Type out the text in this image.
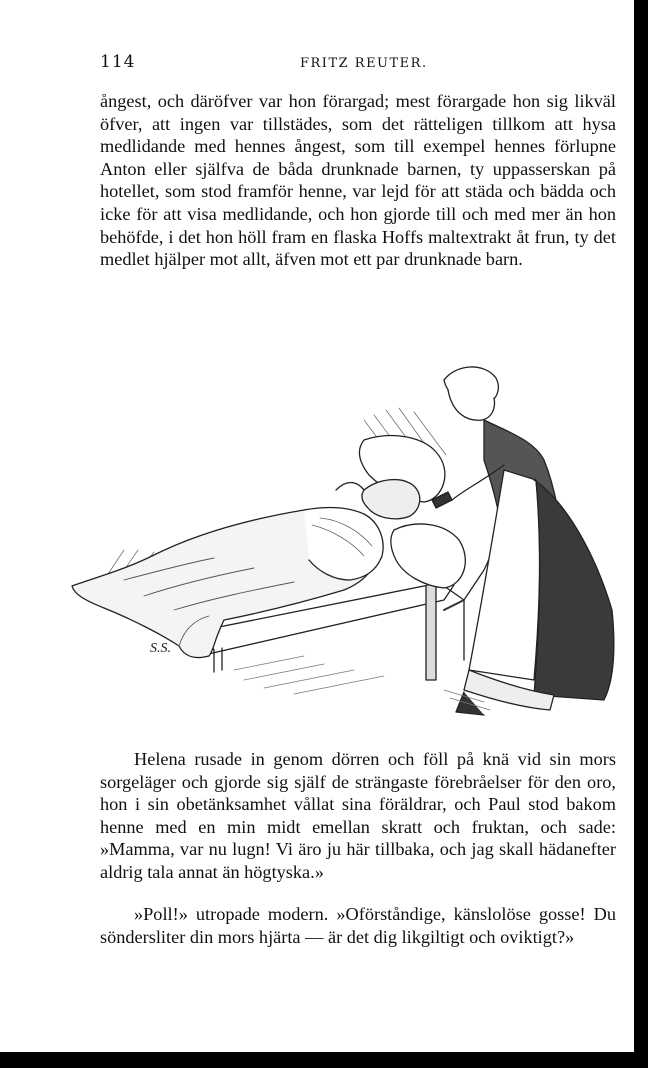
114	FRITZ REUTER.

ångest, och däröfver var hon förargad; mest förargade hon sig likväl öfver, att ingen var tillstädes, som det rätteligen tillkom att hysa medlidande med hennes ångest, som till exempel hennes förlupne Anton eller själfva de båda drunknade barnen, ty uppasserskan på hotellet, som stod framför henne, var lejd för att städa och bädda och icke för att visa medlidande, och hon gjorde till och med mer än hon behöfde, i det hon höll fram en flaska Hoffs maltextrakt åt frun, ty det medlet hjälper mot allt, äfven mot ett par drunknade barn.

S.S.

Helena rusade in genom dörren och föll på knä vid sin mors sorgeläger och gjorde sig själf de strängaste förebråelser för den oro, hon i sin obetänksamhet vållat sina föräldrar, och Paul stod bakom henne med en min midt emellan skratt och fruktan, och sade: »Mamma, var nu lugn! Vi äro ju här tillbaka, och jag skall hädanefter aldrig tala annat än högtyska.»

»Poll!» utropade modern. »Oförståndige, känslolöse gosse! Du söndersliter din mors hjärta — är det dig likgiltigt och oviktigt?»
